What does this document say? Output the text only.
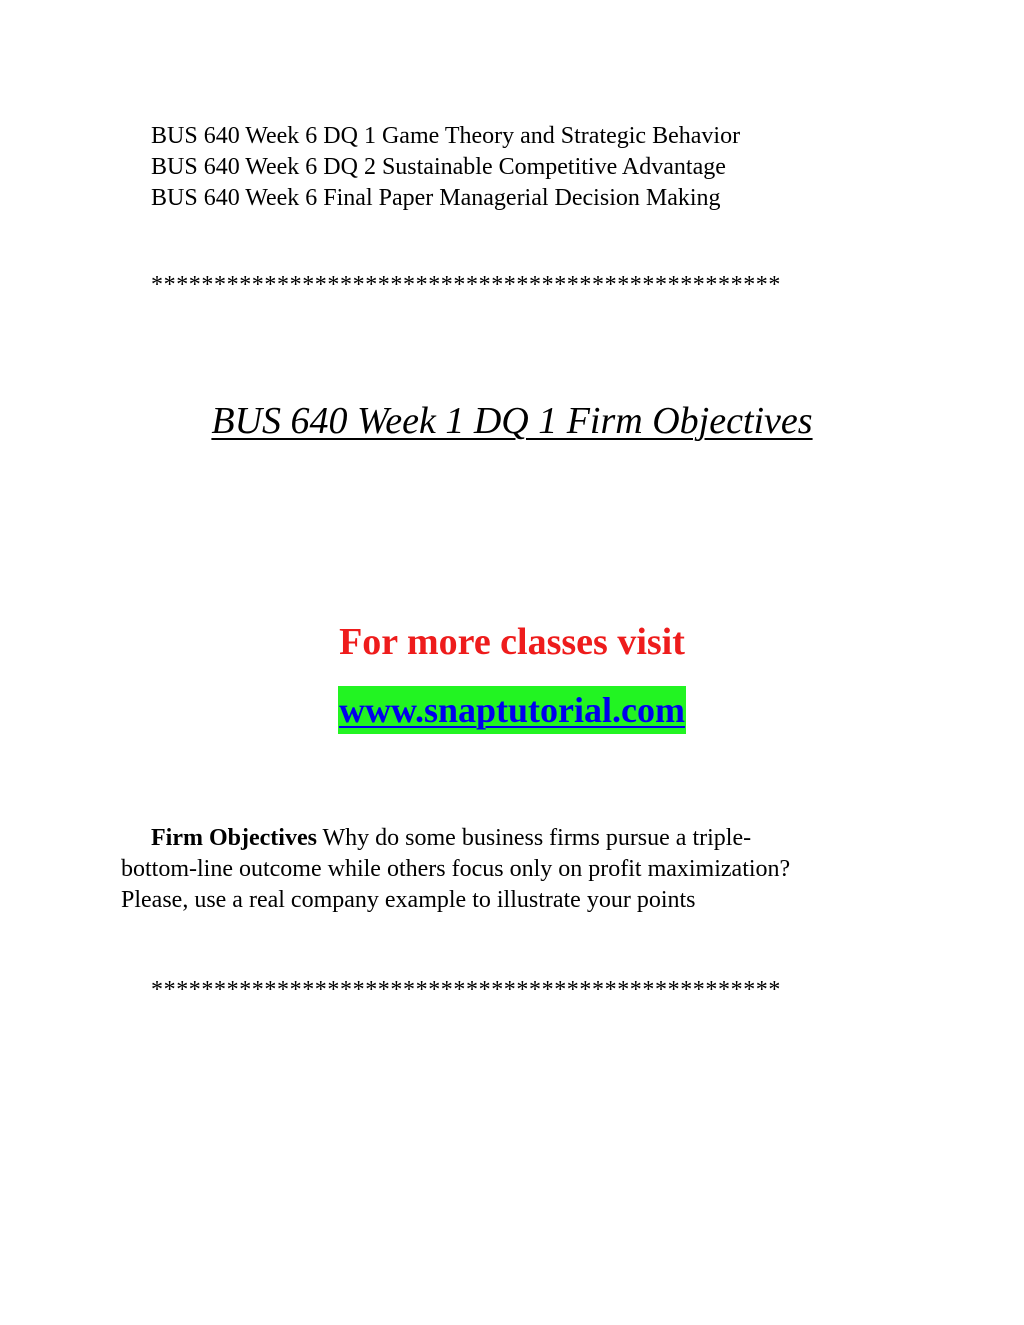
BUS 640 Week 6 DQ 1 Game Theory and Strategic Behavior
BUS 640 Week 6 DQ 2 Sustainable Competitive Advantage
BUS 640 Week 6 Final Paper Managerial Decision Making
**************************************************
BUS 640 Week 1 DQ 1 Firm Objectives
For more classes visit
www.snaptutorial.com
Firm Objectives Why do some business firms pursue a triple-
bottom-line outcome while others focus only on profit maximization?
Please, use a real company example to illustrate your points
**************************************************
